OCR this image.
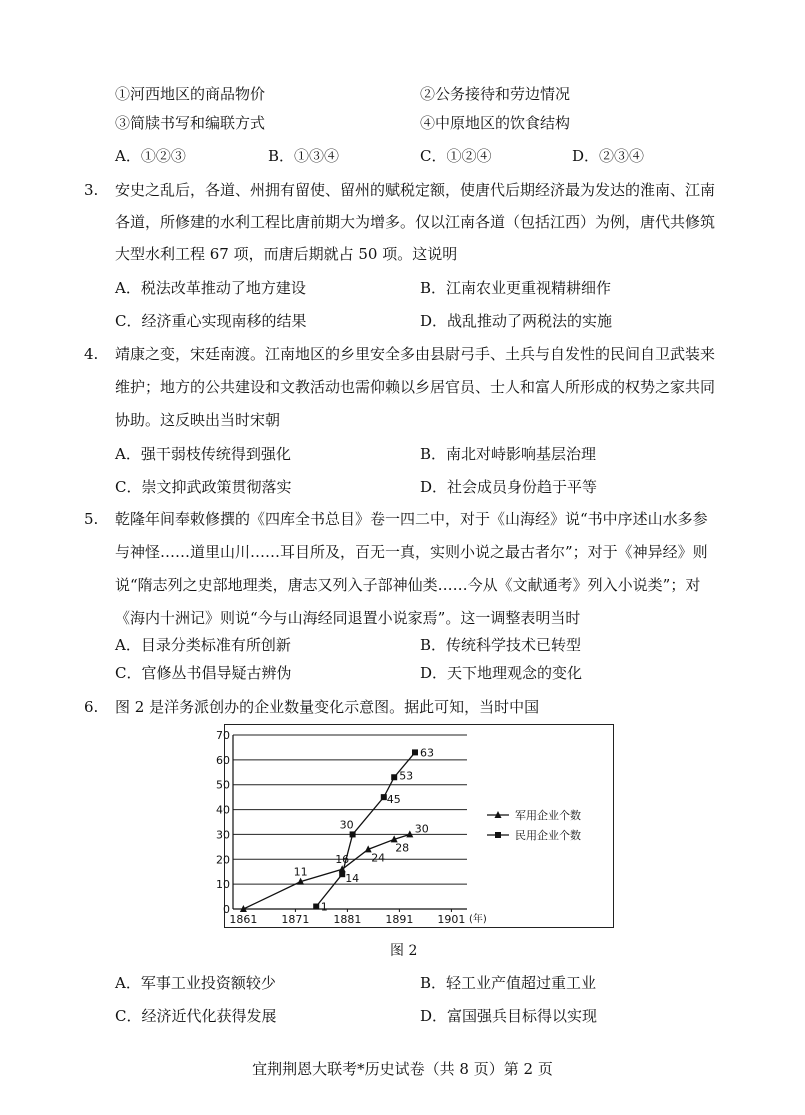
①河西地区的商品物价	②公务接待和劳边情况
③简牍书写和编联方式	④中原地区的饮食结构
A．①②③	B．①③④	C．①②④	D．②③④
3. 安史之乱后，各道、州拥有留使、留州的赋税定额，使唐代后期经济最为发达的淮南、江南
各道，所修建的水利工程比唐前期大为增多。仅以江南各道（包括江西）为例，唐代共修筑
大型水利工程 67 项，而唐后期就占 50 项。这说明
A．税法改革推动了地方建设	B．江南农业更重视精耕细作
C．经济重心实现南移的结果	D．战乱推动了两税法的实施
4. 靖康之变，宋廷南渡。江南地区的乡里安全多由县尉弓手、土兵与自发性的民间自卫武装来
维护；地方的公共建设和文教活动也需仰赖以乡居官员、士人和富人所形成的权势之家共同
协助。这反映出当时宋朝
A．强干弱枝传统得到强化	B．南北对峙影响基层治理
C．崇文抑武政策贯彻落实	D．社会成员身份趋于平等
5. 乾隆年间奉敕修撰的《四库全书总目》卷一四二中，对于《山海经》说“书中序述山水多参
与神怪……道里山川……耳目所及，百无一真，实则小说之最古者尔”；对于《神异经》则
说“隋志列之史部地理类，唐志又列入子部神仙类……今从《文献通考》列入小说类”；对
《海内十洲记》则说“今与山海经同退置小说家焉”。这一调整表明当时
A．目录分类标准有所创新	B．传统科学技术已转型
C．官修丛书倡导疑古辨伪	D．天下地理观念的变化
6. 图 2 是洋务派创办的企业数量变化示意图。据此可知，当时中国
0
10
20
30
40
50
60
70
1861 1871 1881 1891 1901 (年)
11
16 24
28
30
1
14
30
45
53
63
军用企业个数
民用企业个数
图 2
A．军事工业投资额较少	B．轻工业产值超过重工业
C．经济近代化获得发展	D．富国强兵目标得以实现
宜荆荆恩大联考*历史试卷（共 8 页）第 2 页
